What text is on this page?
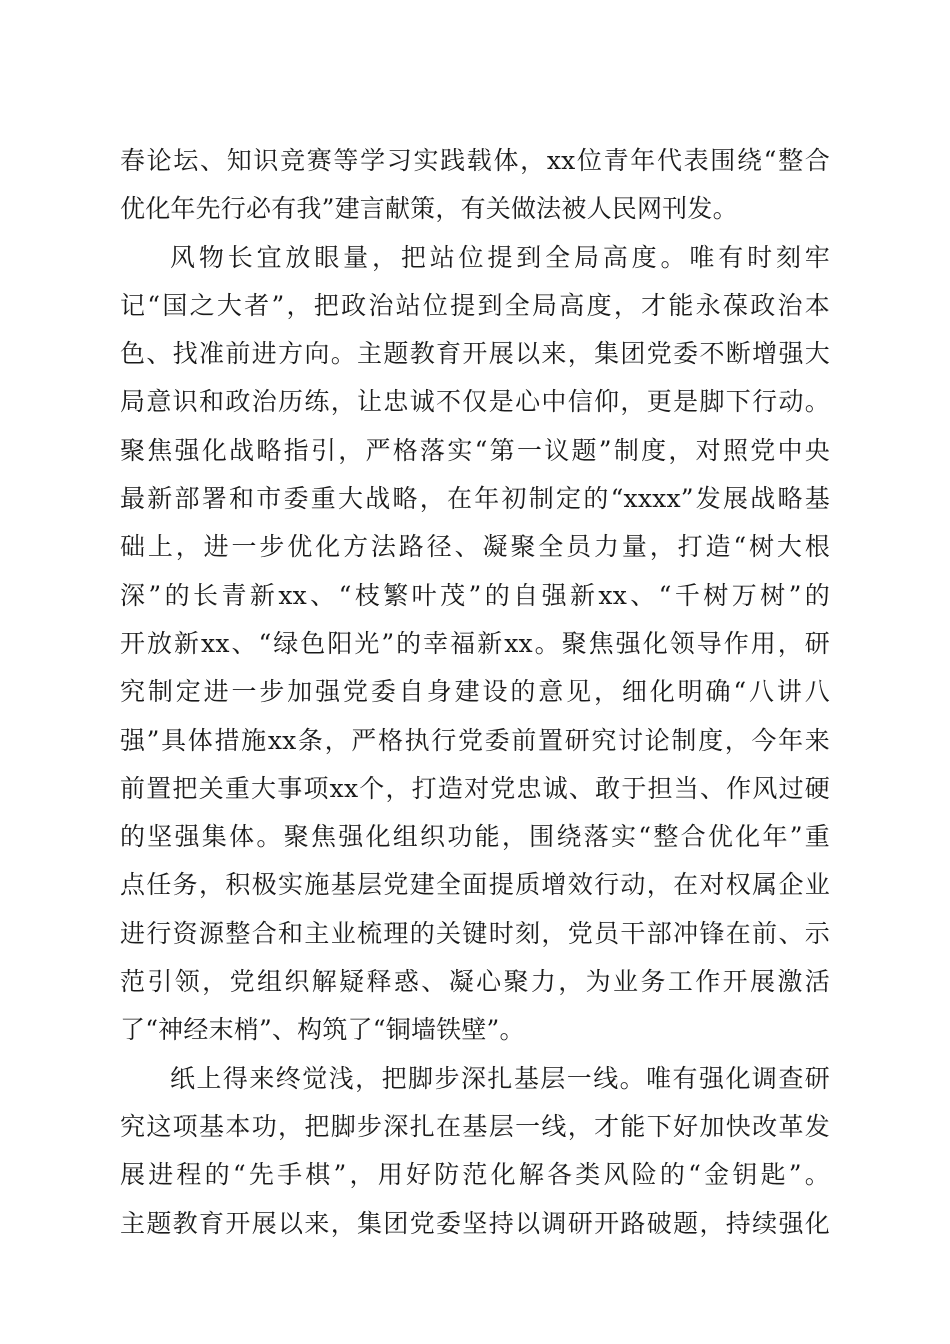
春论坛、知识竞赛等学习实践载体，xx位青年代表围绕“整合
优化年先行必有我”建言献策，有关做法被人民网刊发。
风物长宜放眼量，把站位提到全局高度。唯有时刻牢
记“国之大者”，把政治站位提到全局高度，才能永葆政治本
色、找准前进方向。主题教育开展以来，集团党委不断增强大
局意识和政治历练，让忠诚不仅是心中信仰，更是脚下行动。
聚焦强化战略指引，严格落实“第一议题”制度，对照党中央
最新部署和市委重大战略，在年初制定的“xxxx”发展战略基
础上，进一步优化方法路径、凝聚全员力量，打造“树大根
深”的长青新xx、“枝繁叶茂”的自强新xx、“千树万树”的
开放新xx、“绿色阳光”的幸福新xx。聚焦强化领导作用，研
究制定进一步加强党委自身建设的意见，细化明确“八讲八
强”具体措施xx条，严格执行党委前置研究讨论制度，今年来
前置把关重大事项xx个，打造对党忠诚、敢于担当、作风过硬
的坚强集体。聚焦强化组织功能，围绕落实“整合优化年”重
点任务，积极实施基层党建全面提质增效行动，在对权属企业
进行资源整合和主业梳理的关键时刻，党员干部冲锋在前、示
范引领，党组织解疑释惑、凝心聚力，为业务工作开展激活
了“神经末梢”、构筑了“铜墙铁壁”。
纸上得来终觉浅，把脚步深扎基层一线。唯有强化调查研
究这项基本功，把脚步深扎在基层一线，才能下好加快改革发
展进程的“先手棋”，用好防范化解各类风险的“金钥匙”。
主题教育开展以来，集团党委坚持以调研开路破题，持续强化
